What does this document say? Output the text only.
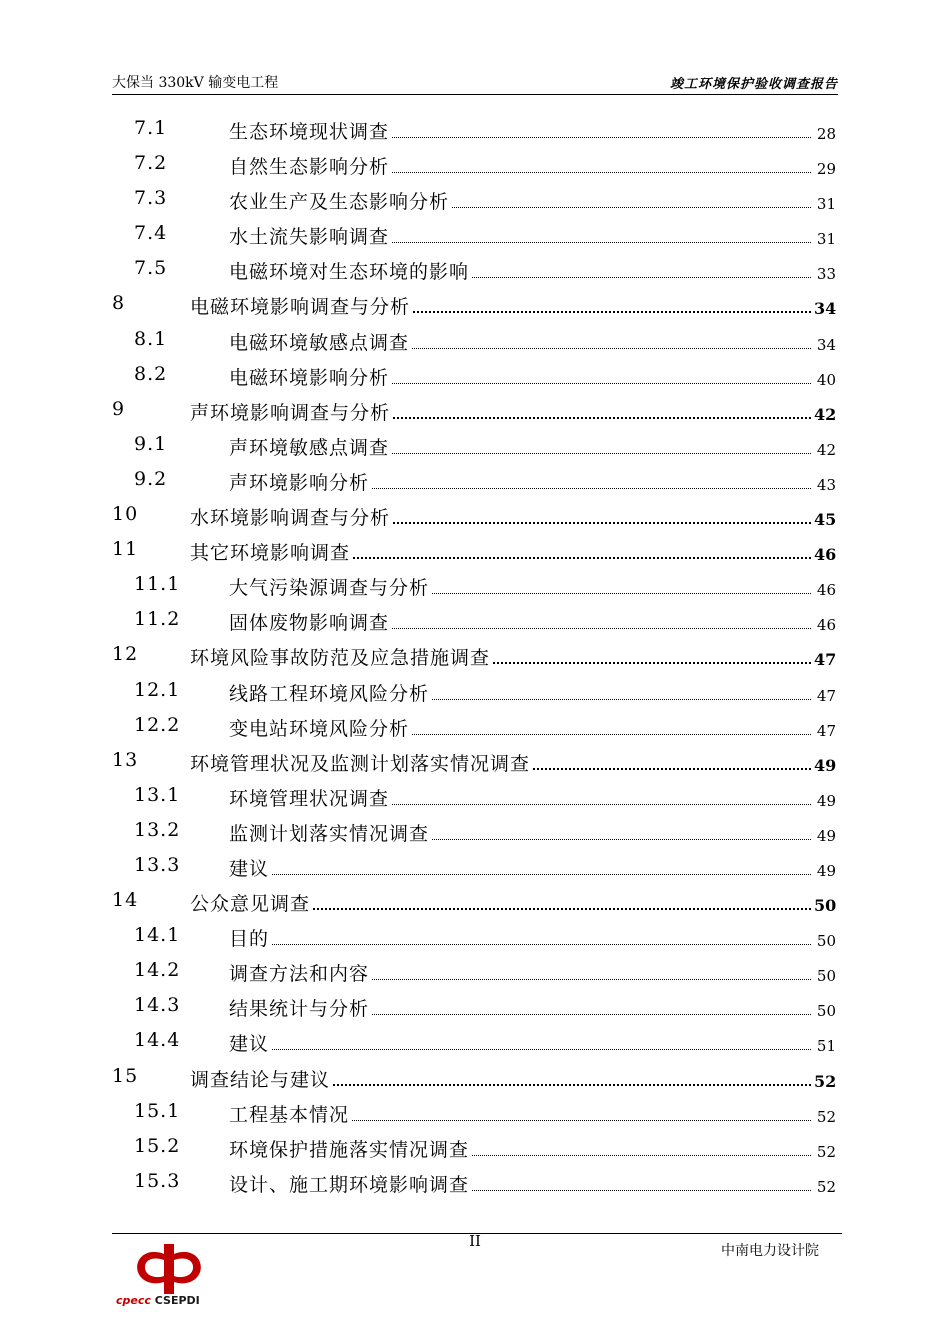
大保当 330kV 输变电工程	竣工环境保护验收调查报告
7.1	生态环境现状调查	28
7.2	自然生态影响分析	29
7.3	农业生产及生态影响分析	31
7.4	水土流失影响调查	31
7.5	电磁环境对生态环境的影响	33
8	电磁环境影响调查与分析	34
8.1	电磁环境敏感点调查	34
8.2	电磁环境影响分析	40
9	声环境影响调查与分析	42
9.1	声环境敏感点调查	42
9.2	声环境影响分析	43
10	水环境影响调查与分析	45
11	其它环境影响调查	46
11.1	大气污染源调查与分析	46
11.2	固体废物影响调查	46
12	环境风险事故防范及应急措施调查	47
12.1	线路工程环境风险分析	47
12.2	变电站环境风险分析	47
13	环境管理状况及监测计划落实情况调查	49
13.1	环境管理状况调查	49
13.2	监测计划落实情况调查	49
13.3	建议	49
14	公众意见调查	50
14.1	目的	50
14.2	调查方法和内容	50
14.3	结果统计与分析	50
14.4	建议	51
15	调查结论与建议	52
15.1	工程基本情况	52
15.2	环境保护措施落实情况调查	52
15.3	设计、施工期环境影响调查	52
II
中南电力设计院
cpecc CSEPDI
